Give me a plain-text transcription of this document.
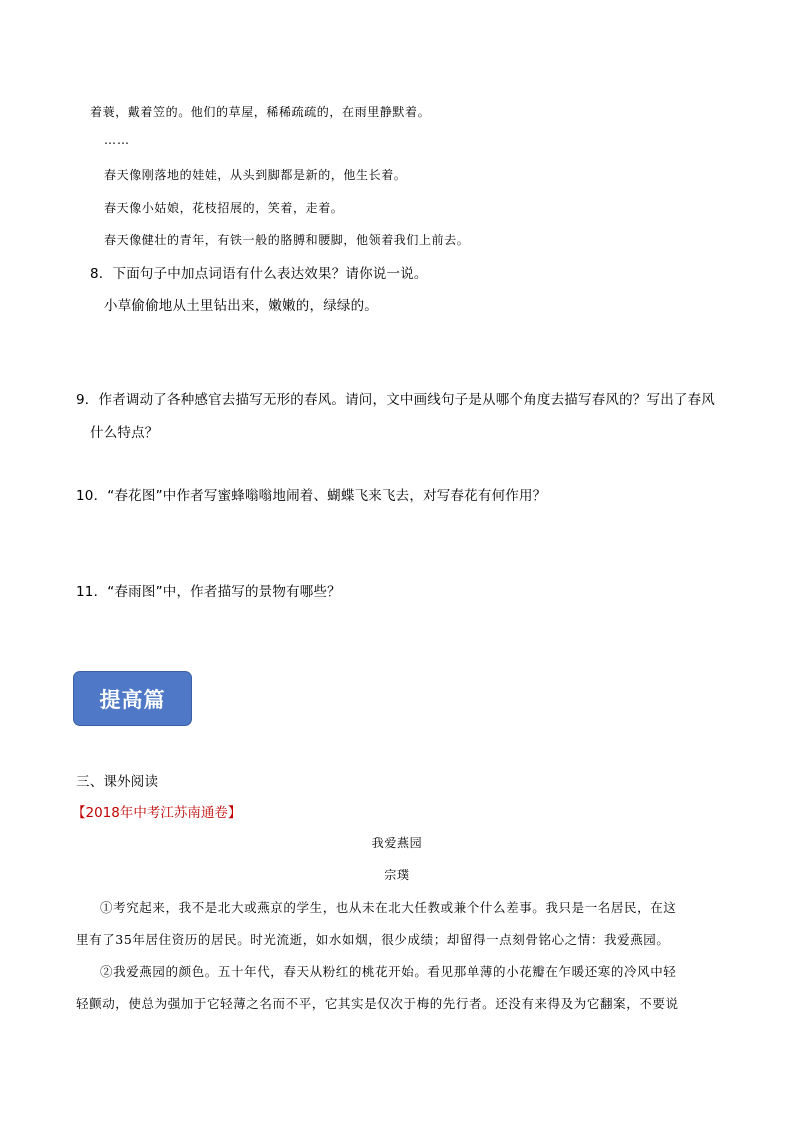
着蓑，戴着笠的。他们的草屋，稀稀疏疏的，在雨里静默着。
……
春天像刚落地的娃娃，从头到脚都是新的，他生长着。
春天像小姑娘，花枝招展的，笑着，走着。
春天像健壮的青年，有铁一般的胳膊和腰脚，他领着我们上前去。
8．下面句子中加点词语有什么表达效果？请你说一说。
小草偷偷地从土里钻出来，嫩嫩的，绿绿的。
9．作者调动了各种感官去描写无形的春风。请问，文中画线句子是从哪个角度去描写春风的？写出了春风
什么特点？
10．“春花图”中作者写蜜蜂嗡嗡地闹着、蝴蝶飞来飞去，对写春花有何作用？
11．“春雨图”中，作者描写的景物有哪些？
提高篇
三、课外阅读
【2018年中考江苏南通卷】
我爱燕园
宗璞
①考究起来，我不是北大或燕京的学生，也从未在北大任教或兼个什么差事。我只是一名居民，在这
里有了35年居住资历的居民。时光流逝，如水如烟，很少成绩；却留得一点刻骨铭心之情：我爱燕园。
②我爱燕园的颜色。五十年代，春天从粉红的桃花开始。看见那单薄的小花瓣在乍暖还寒的冷风中轻
轻颤动，使总为强加于它轻薄之名而不平，它其实是仅次于梅的先行者。还没有来得及为它翻案，不要说
